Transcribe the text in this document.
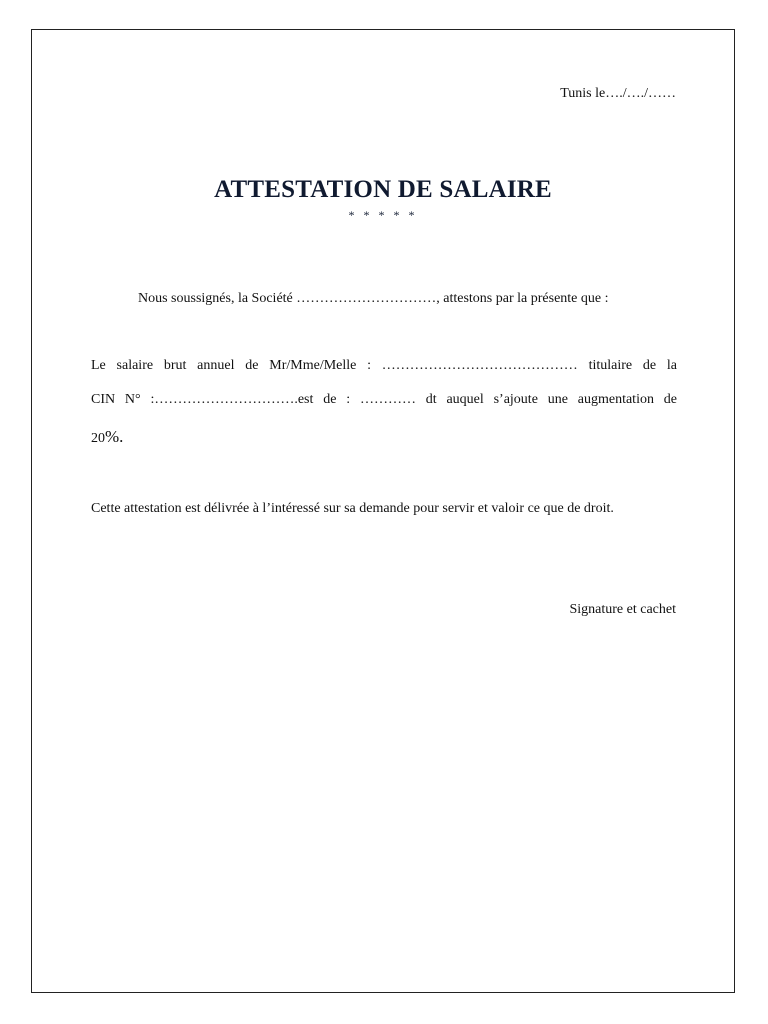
Tunis le…./…./……
ATTESTATION DE SALAIRE
* * * * *
Nous soussignés, la Société …………………………, attestons par la présente que :
Le salaire brut annuel de Mr/Mme/Melle : …………………………………… titulaire de la
CIN N° :………………………….est de : ………… dt auquel s’ajoute une augmentation de
20%.
Cette attestation est délivrée à l’intéressé sur sa demande pour servir et valoir ce que de droit.
Signature et cachet
